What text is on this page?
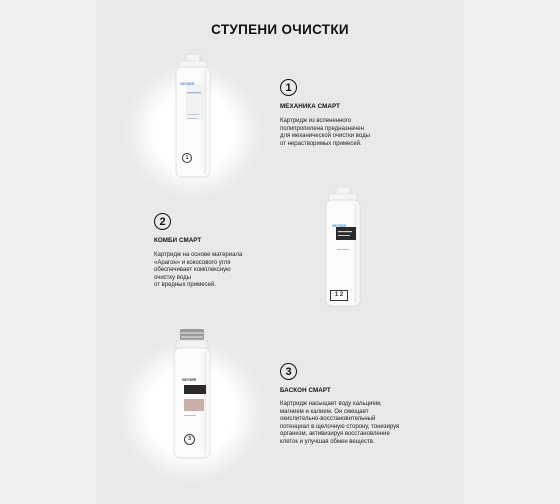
СТУПЕНИ ОЧИСТКИ
GEYSER
1
1
МЕХАНИКА СМАРТ
Картридж из вспененного
полипропилена предназначен
для механической очистки воды
от нерастворимых примесей.
2
КОМБИ СМАРТ
Картридж на основе материала
«Арагон» и кокосового угля
обеспечивает комплексную
очистку воды
от вредных примесей.
GEYSER
1 2
GEYSER
3
3
БАСКОН СМАРТ
Картридж насыщает воду кальцием,
магнием и калием. Он смещает
окислительно-восстановительный
потенциал в щелочную сторону, тонизируя
организм, активизируя восстановление
клеток и улучшая обмен веществ.
